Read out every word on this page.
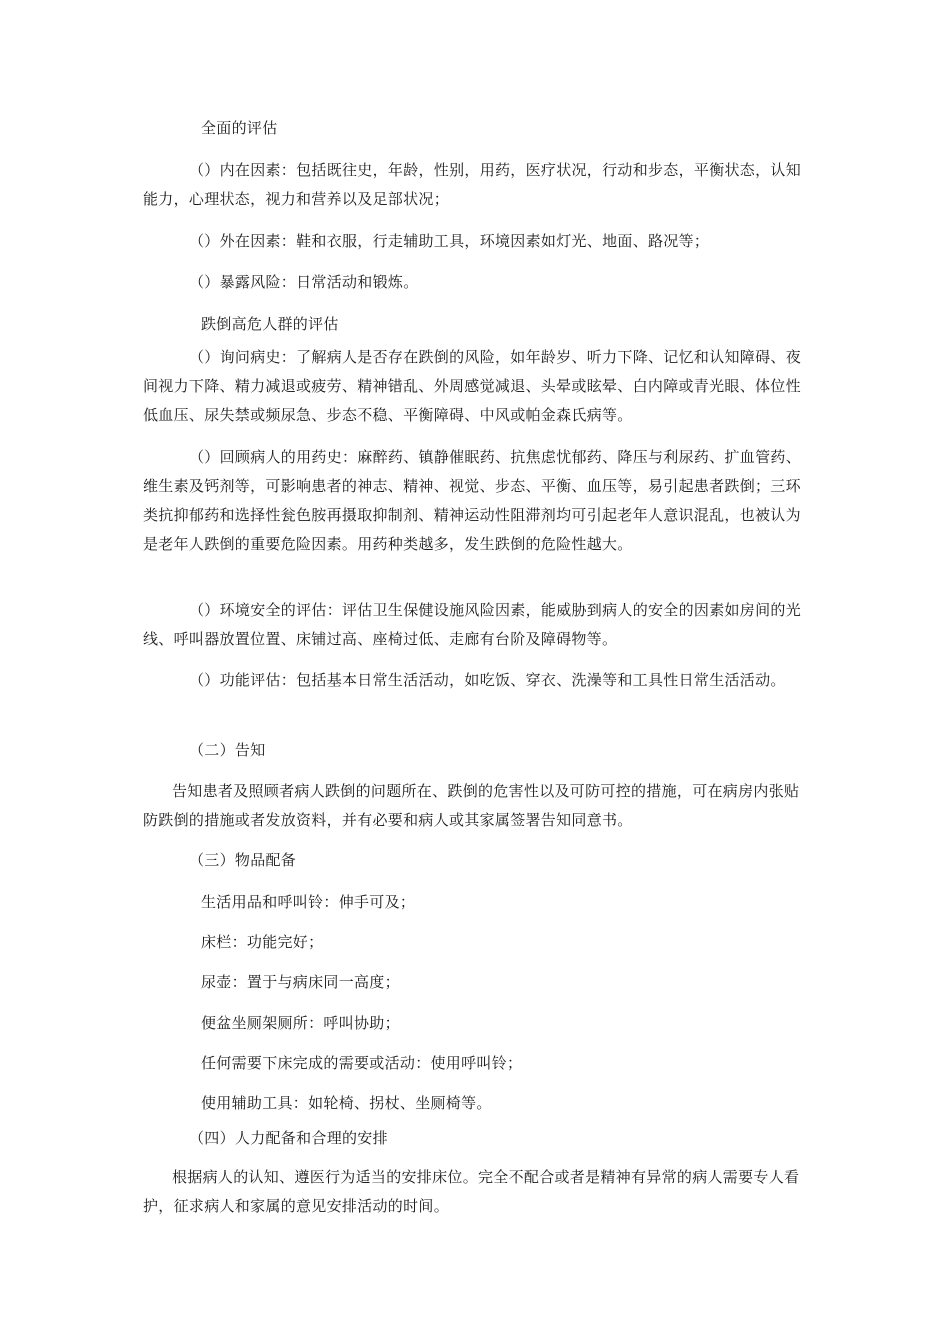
全面的评估

（）内在因素：包括既往史，年龄，性别，用药，医疗状况，行动和步态，平衡状态，认知能力，心理状态，视力和营养以及足部状况；

（）外在因素：鞋和衣服，行走辅助工具，环境因素如灯光、地面、路况等；

（）暴露风险：日常活动和锻炼。

跌倒高危人群的评估

（）询问病史：了解病人是否存在跌倒的风险，如年龄岁、听力下降、记忆和认知障碍、夜间视力下降、精力减退或疲劳、精神错乱、外周感觉减退、头晕或眩晕、白内障或青光眼、体位性低血压、尿失禁或频尿急、步态不稳、平衡障碍、中风或帕金森氏病等。

（）回顾病人的用药史：麻醉药、镇静催眠药、抗焦虑忧郁药、降压与利尿药、扩血管药、维生素及钙剂等，可影响患者的神志、精神、视觉、步态、平衡、血压等，易引起患者跌倒；三环类抗抑郁药和选择性瓮色胺再摄取抑制剂、精神运动性阻滞剂均可引起老年人意识混乱，也被认为是老年人跌倒的重要危险因素。用药种类越多，发生跌倒的危险性越大。

（）环境安全的评估：评估卫生保健设施风险因素，能威胁到病人的安全的因素如房间的光线、呼叫器放置位置、床铺过高、座椅过低、走廊有台阶及障碍物等。

（）功能评估：包括基本日常生活活动，如吃饭、穿衣、洗澡等和工具性日常生活活动。

（二）告知

告知患者及照顾者病人跌倒的问题所在、跌倒的危害性以及可防可控的措施，可在病房内张贴防跌倒的措施或者发放资料，并有必要和病人或其家属签署告知同意书。

（三）物品配备

生活用品和呼叫铃：伸手可及；

床栏：功能完好；

尿壶：置于与病床同一高度；

便盆坐厕架厕所：呼叫协助；

任何需要下床完成的需要或活动：使用呼叫铃；

使用辅助工具：如轮椅、拐杖、坐厕椅等。

（四）人力配备和合理的安排

根据病人的认知、遵医行为适当的安排床位。完全不配合或者是精神有异常的病人需要专人看护，征求病人和家属的意见安排活动的时间。
